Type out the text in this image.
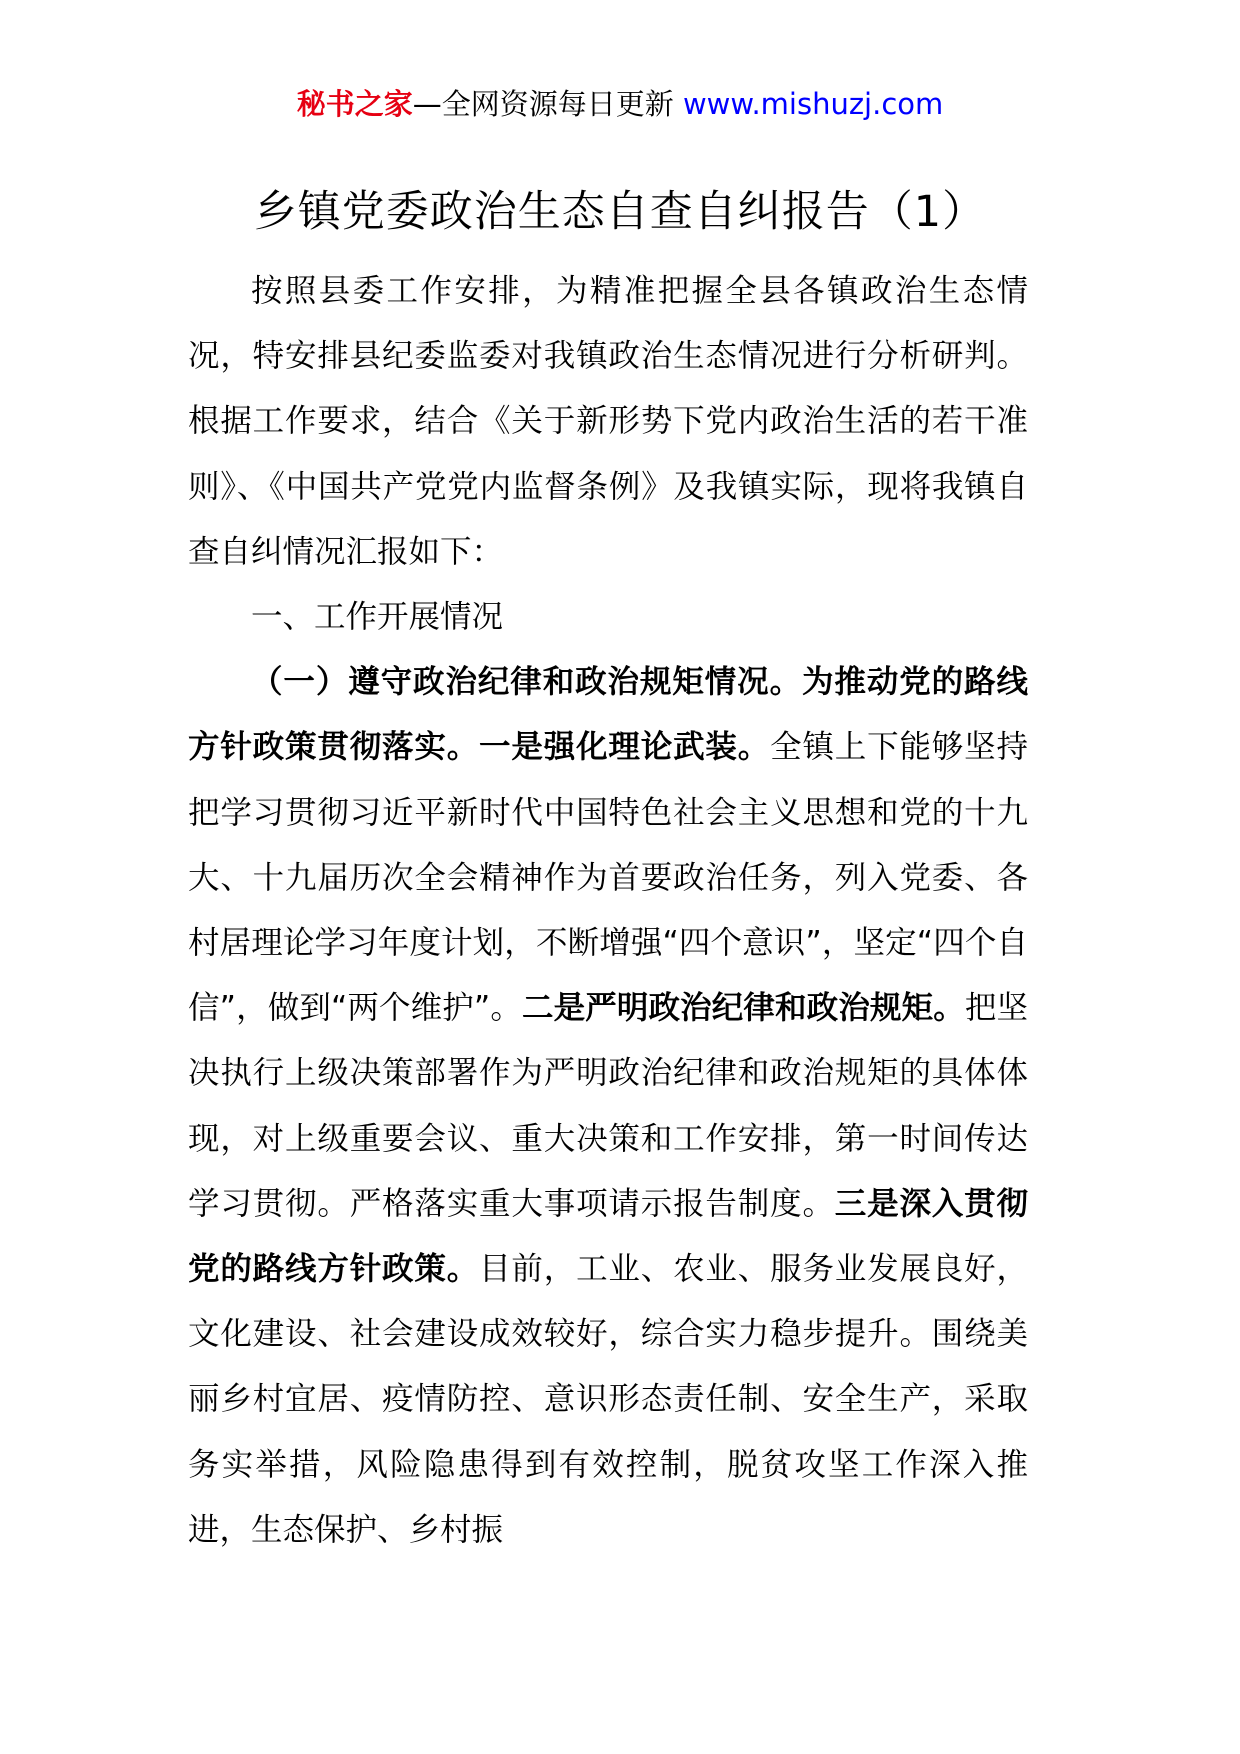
秘书之家—全网资源每日更新 www.mishuzj.com
乡镇党委政治生态自查自纠报告（1）

按照县委工作安排，为精准把握全县各镇政治生态情况，特安排县纪委监委对我镇政治生态情况进行分析研判。根据工作要求，结合《关于新形势下党内政治生活的若干准则》、《中国共产党党内监督条例》及我镇实际，现将我镇自查自纠情况汇报如下：

一、工作开展情况

（一）遵守政治纪律和政治规矩情况。为推动党的路线方针政策贯彻落实。一是强化理论武装。全镇上下能够坚持把学习贯彻习近平新时代中国特色社会主义思想和党的十九大、十九届历次全会精神作为首要政治任务，列入党委、各村居理论学习年度计划，不断增强“四个意识”，坚定“四个自信”，做到“两个维护”。二是严明政治纪律和政治规矩。把坚决执行上级决策部署作为严明政治纪律和政治规矩的具体体现，对上级重要会议、重大决策和工作安排，第一时间传达学习贯彻。严格落实重大事项请示报告制度。三是深入贯彻党的路线方针政策。目前，工业、农业、服务业发展良好，文化建设、社会建设成效较好，综合实力稳步提升。围绕美丽乡村宜居、疫情防控、意识形态责任制、安全生产，采取务实举措，风险隐患得到有效控制，脱贫攻坚工作深入推进，生态保护、乡村振
